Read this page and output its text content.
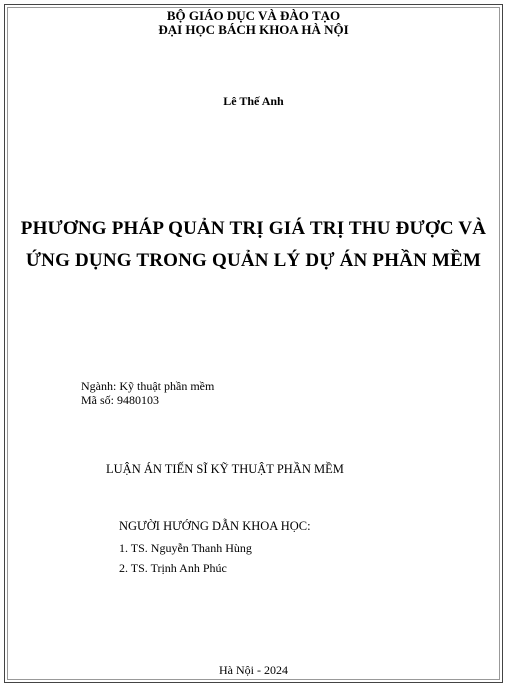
BỘ GIÁO DỤC VÀ ĐÀO TẠO

ĐẠI HỌC BÁCH KHOA HÀ NỘI

Lê Thế Anh

PHƯƠNG PHÁP QUẢN TRỊ GIÁ TRỊ THU ĐƯỢC VÀ

ỨNG DỤNG TRONG QUẢN LÝ DỰ ÁN PHẦN MỀM

Ngành: Kỹ thuật phần mềm

Mã số: 9480103

LUẬN ÁN TIẾN SĨ KỸ THUẬT PHẦN MỀM

NGƯỜI HƯỚNG DẪN KHOA HỌC:

1. TS. Nguyễn Thanh Hùng

2. TS. Trịnh Anh Phúc

Hà Nội - 2024
